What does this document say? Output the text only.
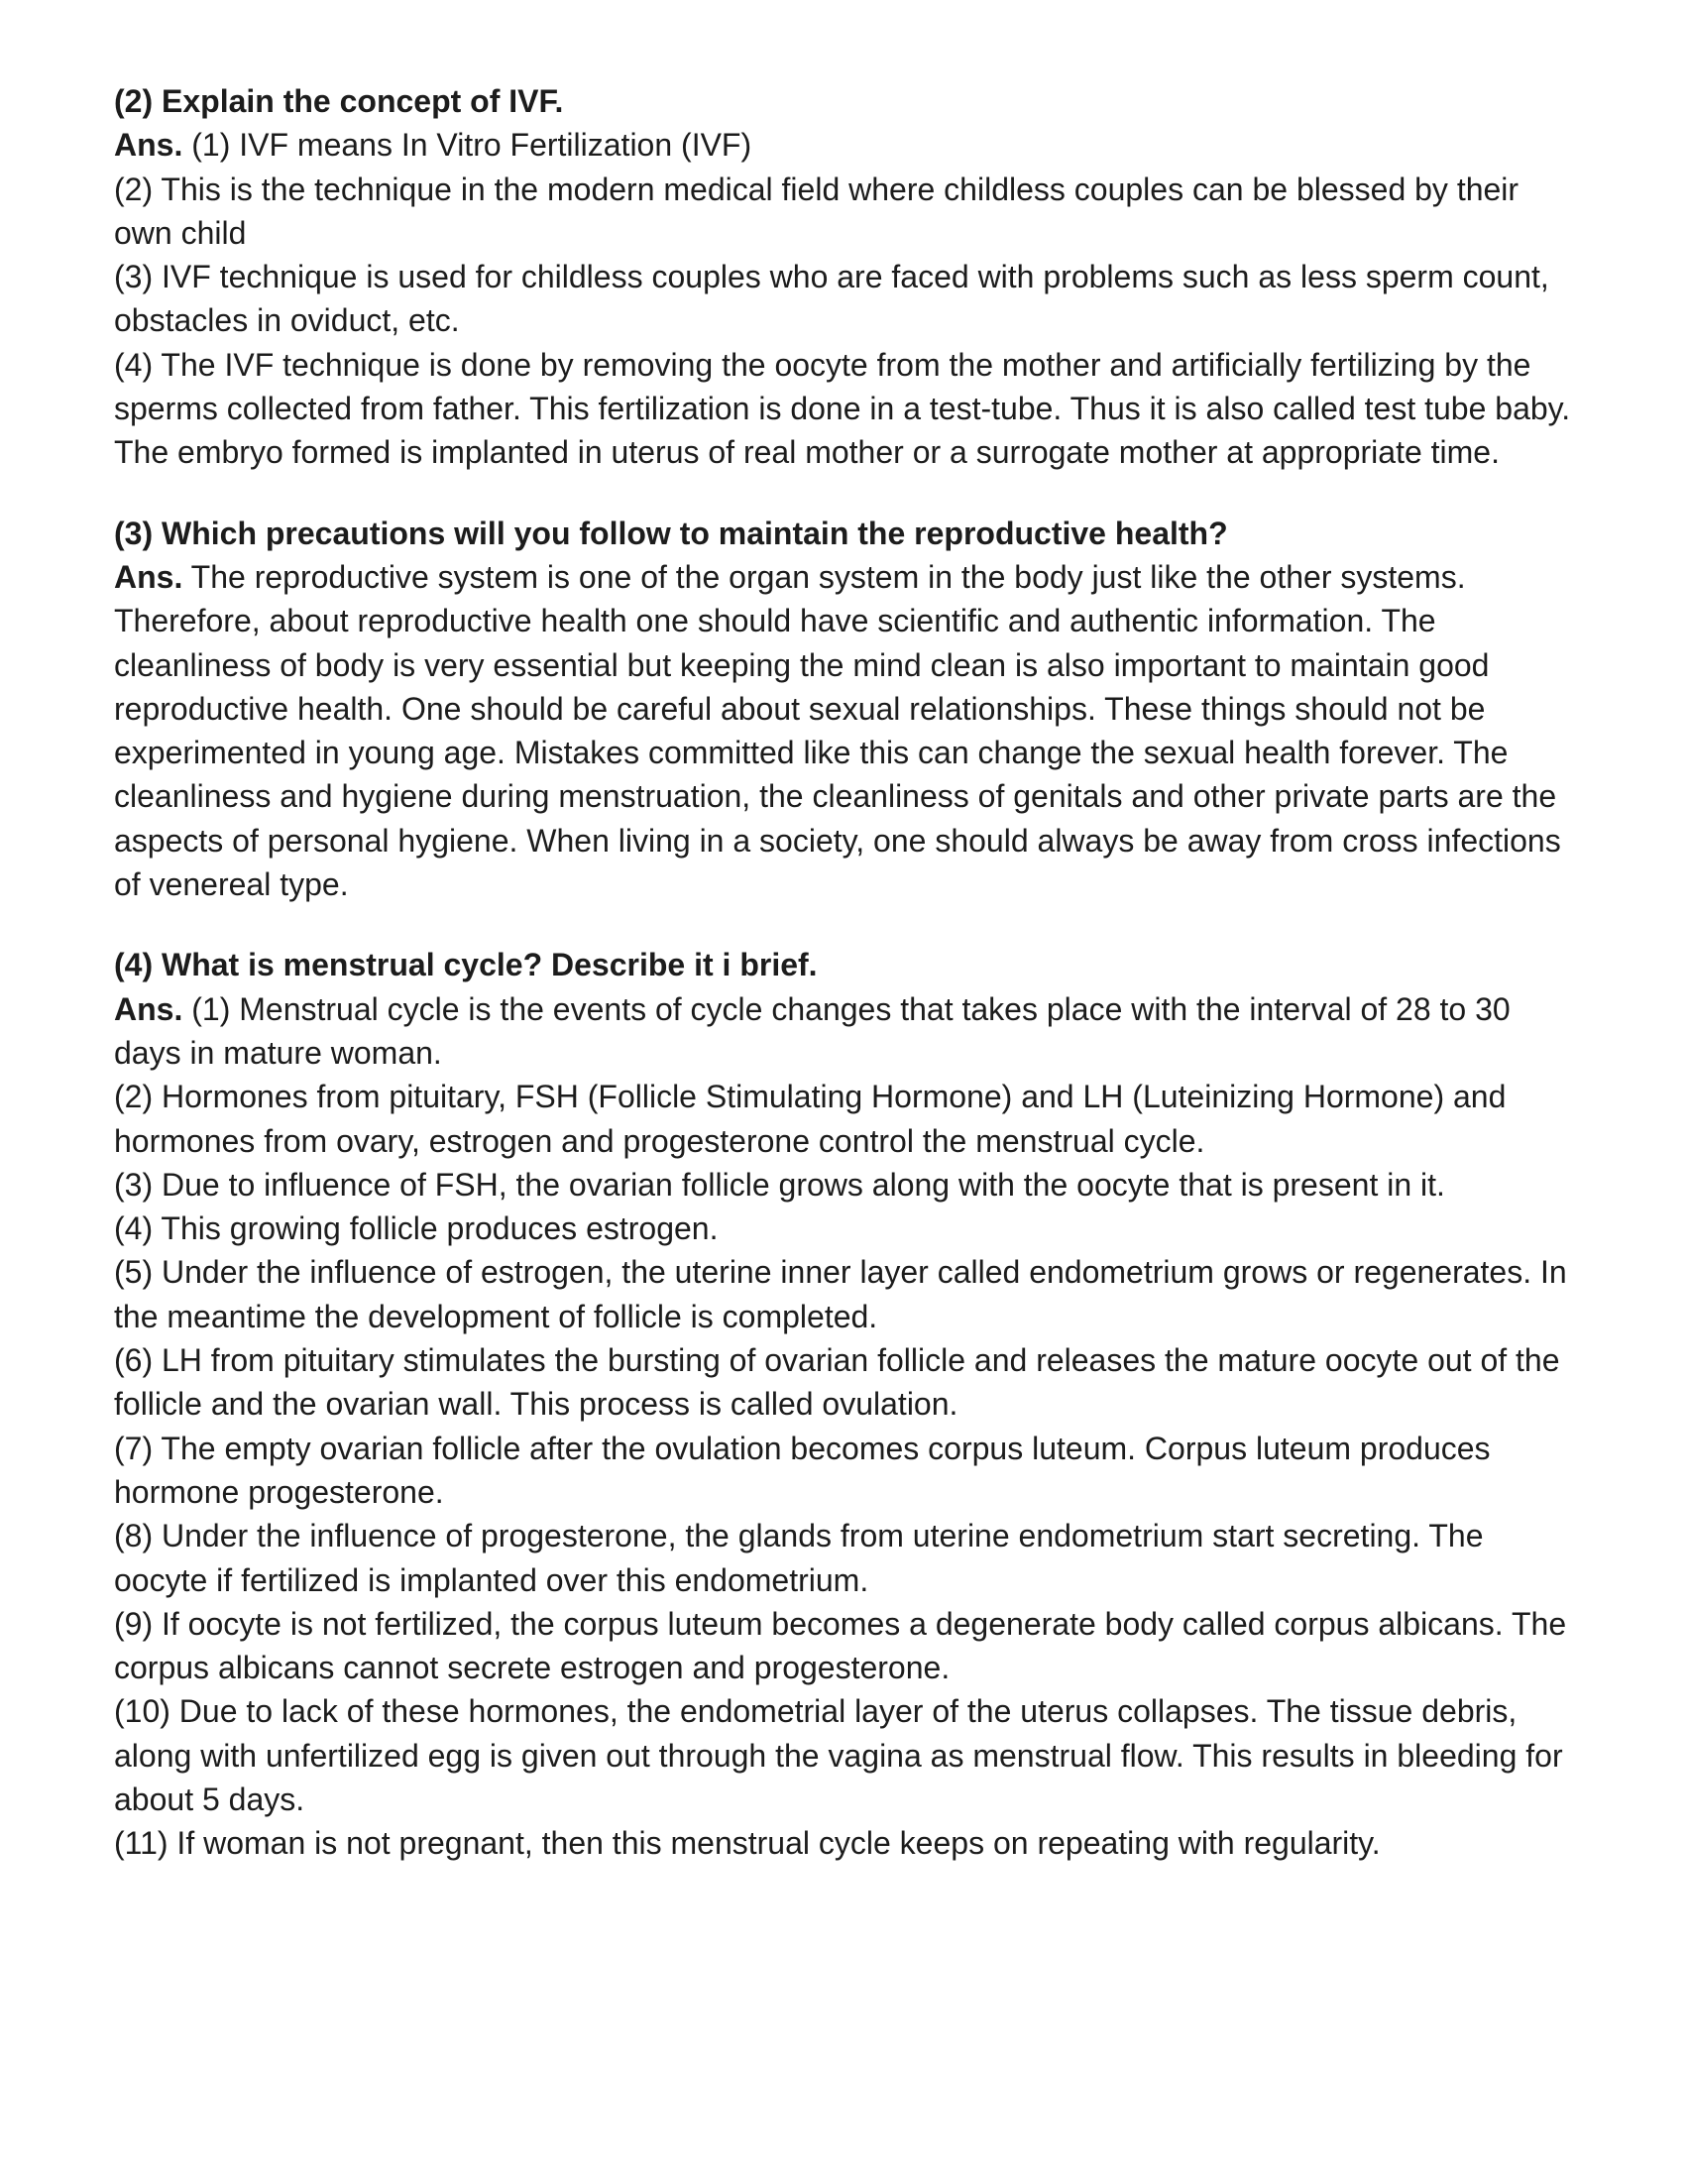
(2) Explain the concept of IVF.

Ans. (1) IVF means In Vitro Fertilization (IVF)

(2) This is the technique in the modern medical field where childless couples can be blessed by their own child

(3) IVF technique is used for childless couples who are faced with problems such as less sperm count, obstacles in oviduct, etc.

(4) The IVF technique is done by removing the oocyte from the mother and artificially fertilizing by the sperms collected from father. This fertilization is done in a test-tube. Thus it is also called test tube baby. The embryo formed is implanted in uterus of real mother or a surrogate mother at appropriate time.

(3) Which precautions will you follow to maintain the reproductive health?

Ans. The reproductive system is one of the organ system in the body just like the other systems. Therefore, about reproductive health one should have scientific and authentic information. The cleanliness of body is very essential but keeping the mind clean is also important to maintain good reproductive health. One should be careful about sexual relationships. These things should not be experimented in young age. Mistakes committed like this can change the sexual health forever. The cleanliness and hygiene during menstruation, the cleanliness of genitals and other private parts are the aspects of personal hygiene. When living in a society, one should always be away from cross infections of venereal type.

(4) What is menstrual cycle? Describe it i brief.

Ans. (1) Menstrual cycle is the events of cycle changes that takes place with the interval of 28 to 30 days in mature woman.

(2) Hormones from pituitary, FSH (Follicle Stimulating Hormone) and LH (Luteinizing Hormone) and hormones from ovary, estrogen and progesterone control the menstrual cycle.

(3) Due to influence of FSH, the ovarian follicle grows along with the oocyte that is present in it.

(4) This growing follicle produces estrogen.

(5) Under the influence of estrogen, the uterine inner layer called endometrium grows or regenerates. In the meantime the development of follicle is completed.

(6) LH from pituitary stimulates the bursting of ovarian follicle and releases the mature oocyte out of the follicle and the ovarian wall. This process is called ovulation.

(7) The empty ovarian follicle after the ovulation becomes corpus luteum. Corpus luteum produces hormone progesterone.

(8) Under the influence of progesterone, the glands from uterine endometrium start secreting. The oocyte if fertilized is implanted over this endometrium.

(9) If oocyte is not fertilized, the corpus luteum becomes a degenerate body called corpus albicans. The corpus albicans cannot secrete estrogen and progesterone.

(10) Due to lack of these hormones, the endometrial layer of the uterus collapses. The tissue debris, along with unfertilized egg is given out through the vagina as menstrual flow. This results in bleeding for about 5 days.

(11) If woman is not pregnant, then this menstrual cycle keeps on repeating with regularity.
